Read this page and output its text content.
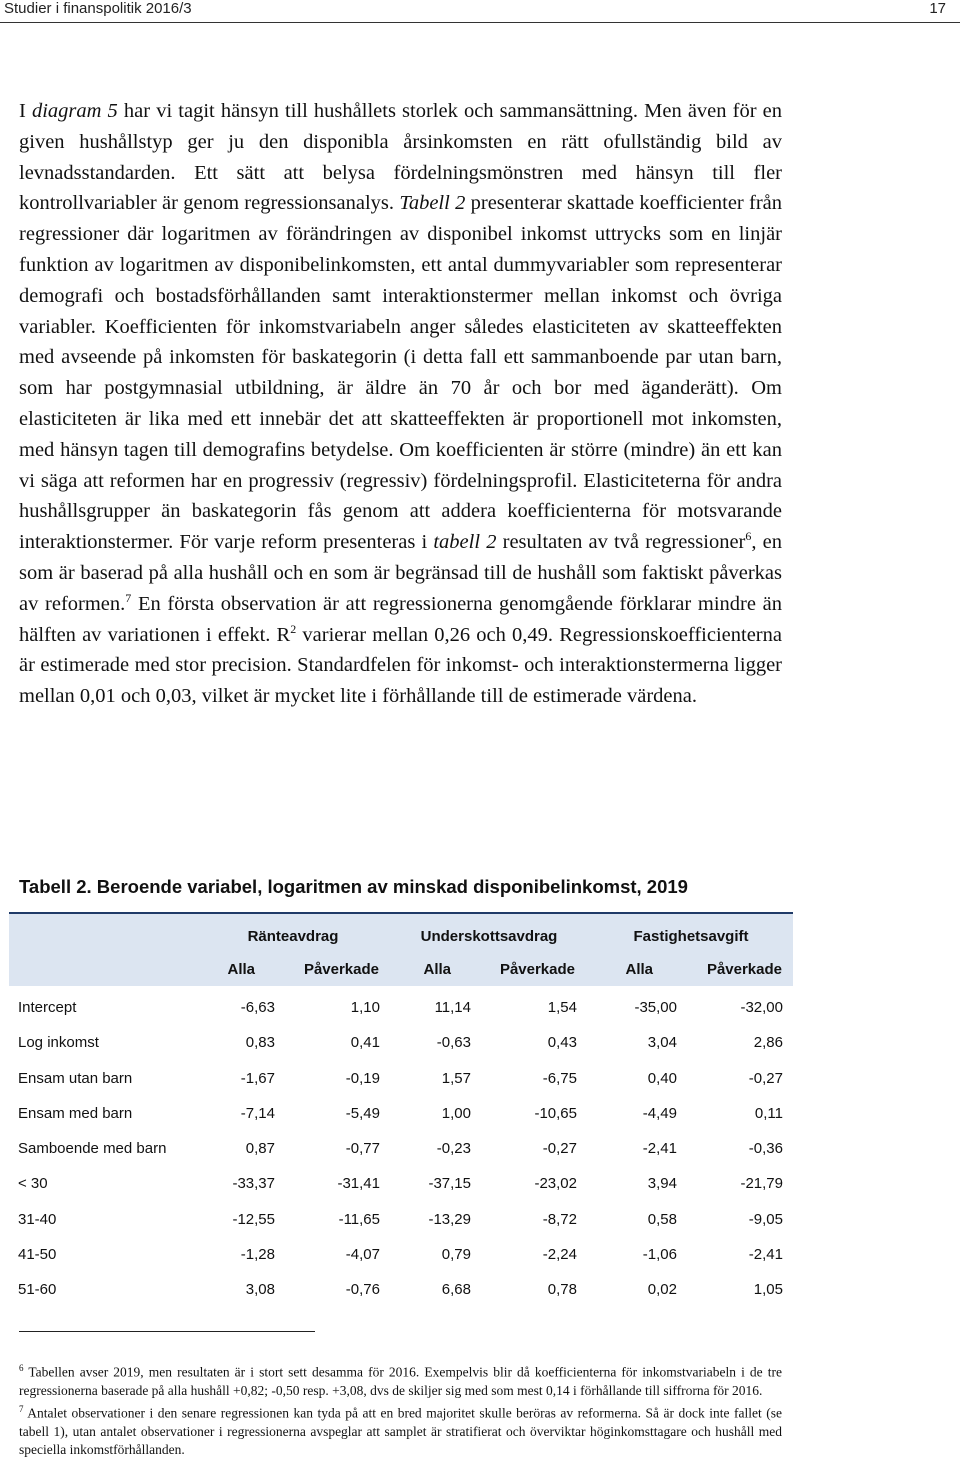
Studier i finanspolitik 2016/3	17
I diagram 5 har vi tagit hänsyn till hushållets storlek och sammansättning. Men även för en given hushållstyp ger ju den disponibla årsinkomsten en rätt ofullständig bild av levnadsstandarden. Ett sätt att belysa fördelningsmönstren med hänsyn till fler kontrollvariabler är genom regressionsanalys. Tabell 2 presenterar skattade koefficienter från regressioner där logaritmen av förändringen av disponibel inkomst uttrycks som en linjär funktion av logaritmen av disponibelinkomsten, ett antal dummyvariabler som representerar demografi och bostadsförhållanden samt interaktionstermer mellan inkomst och övriga variabler. Koefficienten för inkomstvariabeln anger således elasticiteten av skatteeffekten med avseende på inkomsten för baskategorin (i detta fall ett sammanboende par utan barn, som har postgymnasial utbildning, är äldre än 70 år och bor med äganderätt). Om elasticiteten är lika med ett innebär det att skatteeffekten är proportionell mot inkomsten, med hänsyn tagen till demografins betydelse. Om koefficienten är större (mindre) än ett kan vi säga att reformen har en progressiv (regressiv) fördelningsprofil. Elasticiteterna för andra hushållsgrupper än baskategorin fås genom att addera koefficienterna för motsvarande interaktionstermer. För varje reform presenteras i tabell 2 resultaten av två regressioner$^6$, en som är baserad på alla hushåll och en som är begränsad till de hushåll som faktiskt påverkas av reformen.$^7$ En första observation är att regressionerna genomgående förklarar mindre än hälften av variationen i effekt. $R^2$ varierar mellan 0,26 och 0,49. Regressionskoefficienterna är estimerade med stor precision. Standardfelen för inkomst- och interaktionstermerna ligger mellan 0,01 och 0,03, vilket är mycket lite i förhållande till de estimerade värdena.
Tabell 2. Beroende variabel, logaritmen av minskad disponibelinkomst, 2019
Ränteavdrag	Underskottsavdrag	Fastighetsavgift
Alla	Påverkade	Alla	Påverkade	Alla	Påverkade
Intercept	-6,63	1,10	11,14	1,54	-35,00	-32,00
Log inkomst	0,83	0,41	-0,63	0,43	3,04	2,86
Ensam utan barn	-1,67	-0,19	1,57	-6,75	0,40	-0,27
Ensam med barn	-7,14	-5,49	1,00	-10,65	-4,49	0,11
Samboende med barn	0,87	-0,77	-0,23	-0,27	-2,41	-0,36
< 30	-33,37	-31,41	-37,15	-23,02	3,94	-21,79
31-40	-12,55	-11,65	-13,29	-8,72	0,58	-9,05
41-50	-1,28	-4,07	0,79	-2,24	-1,06	-2,41
51-60	3,08	-0,76	6,68	0,78	0,02	1,05

$^6$ Tabellen avser 2019, men resultaten är i stort sett desamma för 2016. Exempelvis blir då koefficienterna för inkomstvariabeln i de tre regressionerna baserade på alla hushåll +0,82; -0,50 resp. +3,08, dvs de skiljer sig med som mest 0,14 i förhållande till siffrorna för 2016.

$^7$ Antalet observationer i den senare regressionen kan tyda på att en bred majoritet skulle beröras av reformerna. Så är dock inte fallet (se tabell 1), utan antalet observationer i regressionerna avspeglar att samplet är stratifierat och överviktar höginkomsttagare och hushåll med speciella inkomstförhållanden.
